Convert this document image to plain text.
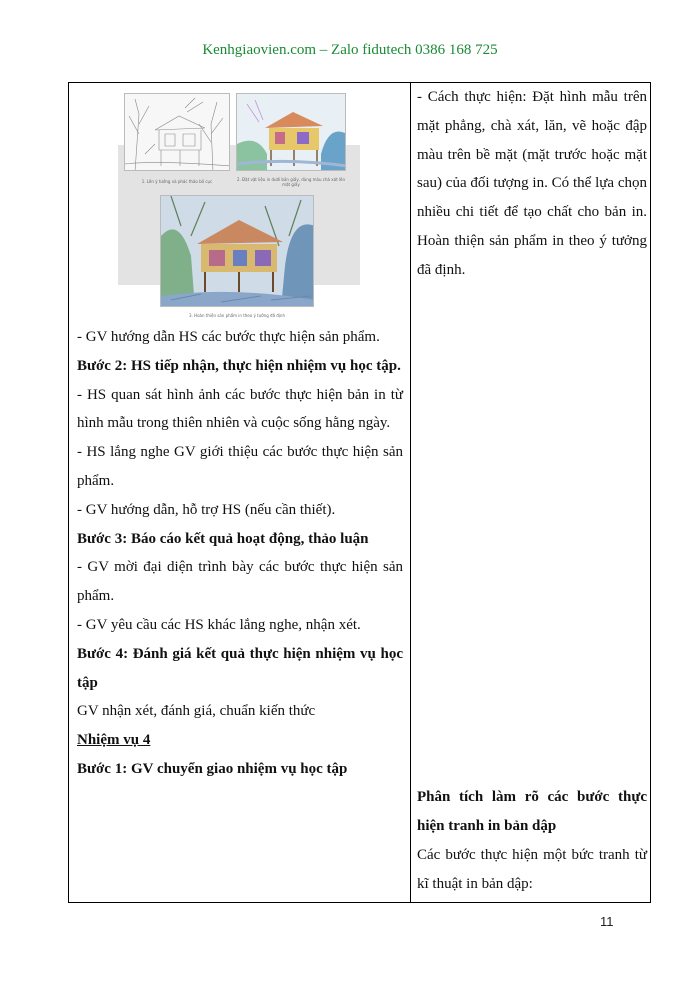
Kenhgiaovien.com – Zalo fidutech 0386 168 725
1. Lên ý tưởng và phác thảo bố cục	2. Đặt vật liệu in dưới bản giấy, dùng màu chà xát lên mặt giấy
3. Hoàn thiện sản phẩm in theo ý tưởng đã định

- GV hướng dẫn HS các bước thực hiện sản phẩm.

Bước 2: HS tiếp nhận, thực hiện nhiệm vụ học tập.

- HS quan sát hình ảnh các bước thực hiện bản in từ hình mẫu trong thiên nhiên và cuộc sống hằng ngày.

- HS lắng nghe GV giới thiệu các bước thực hiện sản phẩm.

- GV hướng dẫn, hỗ trợ HS (nếu cần thiết).

Bước 3: Báo cáo kết quả hoạt động, thảo luận

- GV mời đại diện trình bày các bước thực hiện sản phẩm.

- GV yêu cầu các HS khác lắng nghe, nhận xét.

Bước 4: Đánh giá kết quả thực hiện nhiệm vụ học tập

GV nhận xét, đánh giá, chuẩn kiến thức

Nhiệm vụ 4

Bước 1: GV chuyển giao nhiệm vụ học tập

- Cách thực hiện: Đặt hình mẫu trên mặt phẳng, chà xát, lăn, vẽ hoặc đập màu trên bề mặt (mặt trước hoặc mặt sau) của đối tượng in. Có thể lựa chọn nhiều chi tiết để tạo chất cho bản in. Hoàn thiện sản phẩm in theo ý tưởng đã định.
Phân tích làm rõ các bước thực hiện tranh in bản dập
Các bước thực hiện một bức tranh từ kĩ thuật in bản dập:
11
